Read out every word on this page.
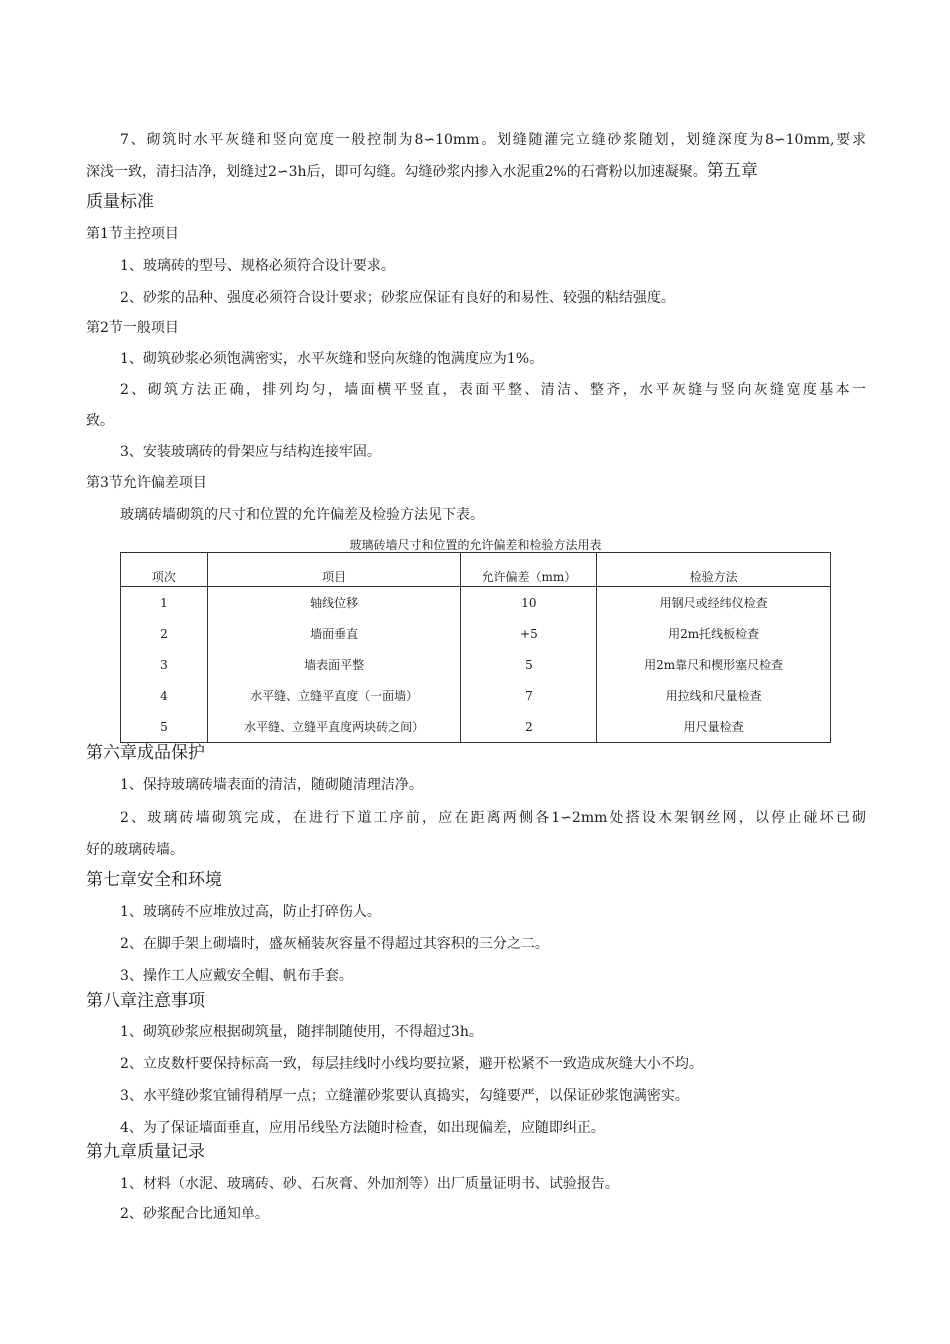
7、砌筑时水平灰缝和竖向宽度一般控制为8∽10mm。划缝随灌完立缝砂浆随划，划缝深度为8∽10mm,要求
深浅一致，清扫洁净，划缝过2∽3h后，即可勾缝。勾缝砂浆内掺入水泥重2%的石膏粉以加速凝聚。第五章
质量标准
第1节主控项目
1、玻璃砖的型号、规格必须符合设计要求。
2、砂浆的品种、强度必须符合设计要求；砂浆应保证有良好的和易性、较强的粘结强度。
第2节一般项目
1、砌筑砂浆必须饱满密实，水平灰缝和竖向灰缝的饱满度应为1%。
2、砌筑方法正确，排列均匀，墙面横平竖直，表面平整、清洁、整齐，水平灰缝与竖向灰缝宽度基本一
致。
3、安装玻璃砖的骨架应与结构连接牢固。
第3节允许偏差项目
玻璃砖墙砌筑的尺寸和位置的允许偏差及检验方法见下表。
玻璃砖墙尺寸和位置的允许偏差和检验方法用表
项次	项目	允许偏差（mm）	检验方法
1	轴线位移	10	用钢尺或经纬仪检查
2	墙面垂直	+5	用2m托线板检查
3	墙表面平整	5	用2m靠尺和楔形塞尺检查
4	水平缝、立缝平直度（一面墙）	7	用拉线和尺量检查
5	水平缝、立缝平直度两块砖之间）	2	用尺量检查
第六章成品保护
1、保持玻璃砖墙表面的清洁，随砌随清理洁净。
2、玻璃砖墙砌筑完成，在进行下道工序前，应在距离两侧各1∽2mm处搭设木架钢丝网，以停止碰坏已砌
好的玻璃砖墙。
第七章安全和环境
1、玻璃砖不应堆放过高，防止打碎伤人。
2、在脚手架上砌墙时，盛灰桶装灰容量不得超过其容积的三分之二。
3、操作工人应戴安全帽、帆布手套。
第八章注意事项
1、砌筑砂浆应根据砌筑量，随拌制随使用，不得超过3h。
2、立皮数杆要保持标高一致，每层挂线时小线均要拉紧，避开松紧不一致造成灰缝大小不均。
3、水平缝砂浆宜铺得稍厚一点；立缝灌砂浆要认真捣实，勾缝要严，以保证砂浆饱满密实。
4、为了保证墙面垂直，应用吊线坠方法随时检查，如出现偏差，应随即纠正。
第九章质量记录
1、材料（水泥、玻璃砖、砂、石灰膏、外加剂等）出厂质量证明书、试验报告。
2、砂浆配合比通知单。
